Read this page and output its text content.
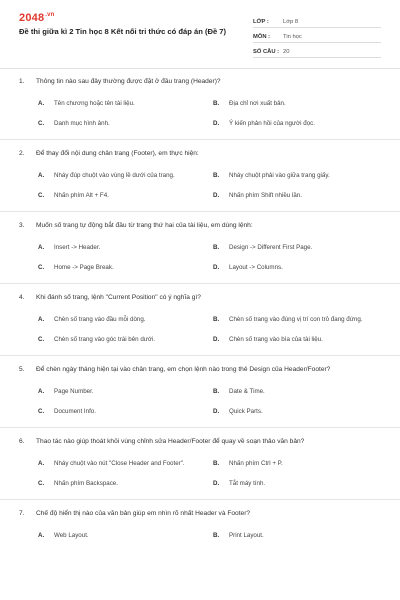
$2048^{.vn}$
Đề thi giữa kì 2 Tin học 8 Kết nối tri thức có đáp án (Đề 7)
LỚP :	Lớp 8
MÔN :	Tin học
SỐ CÂU : 20
1.	Thông tin nào sau đây thường được đặt ở đầu trang (Header)?
A.	Tên chương hoặc tên tài liệu.	B.	Địa chỉ nơi xuất bản.
C.	Danh mục hình ảnh.	D.	Ý kiến phản hồi của người đọc.
2.	Để thay đổi nội dung chân trang (Footer), em thực hiện:
A.	Nháy đúp chuột vào vùng lề dưới của trang.	B.	Nháy chuột phải vào giữa trang giấy.
C.	Nhấn phím Alt + F4.	D.	Nhấn phím Shift nhiều lần.
3.	Muốn số trang tự động bắt đầu từ trang thứ hai của tài liệu, em dùng lệnh:
A.	Insert -> Header.	B.	Design -> Different First Page.
C.	Home -> Page Break.	D.	Layout -> Columns.
4.	Khi đánh số trang, lệnh "Current Position" có ý nghĩa gì?
A.	Chèn số trang vào đầu mỗi dòng.	B.	Chèn số trang vào đúng vị trí con trỏ đang đứng.
C.	Chèn số trang vào góc trái bên dưới.	D.	Chèn số trang vào bìa của tài liệu.
5.	Để chèn ngày tháng hiện tại vào chân trang, em chọn lệnh nào trong thẻ Design của Header/Footer?
A.	Page Number.	B.	Date & Time.
C.	Document Info.	D.	Quick Parts.
6.	Thao tác nào giúp thoát khỏi vùng chỉnh sửa Header/Footer để quay về soạn thảo văn bản?
A.	Nháy chuột vào nút "Close Header and Footer".	B.	Nhấn phím Ctrl + P.
C.	Nhấn phím Backspace.	D.	Tắt máy tính.
7.	Chế độ hiển thị nào của văn bản giúp em nhìn rõ nhất Header và Footer?
A.	Web Layout.	B.	Print Layout.
